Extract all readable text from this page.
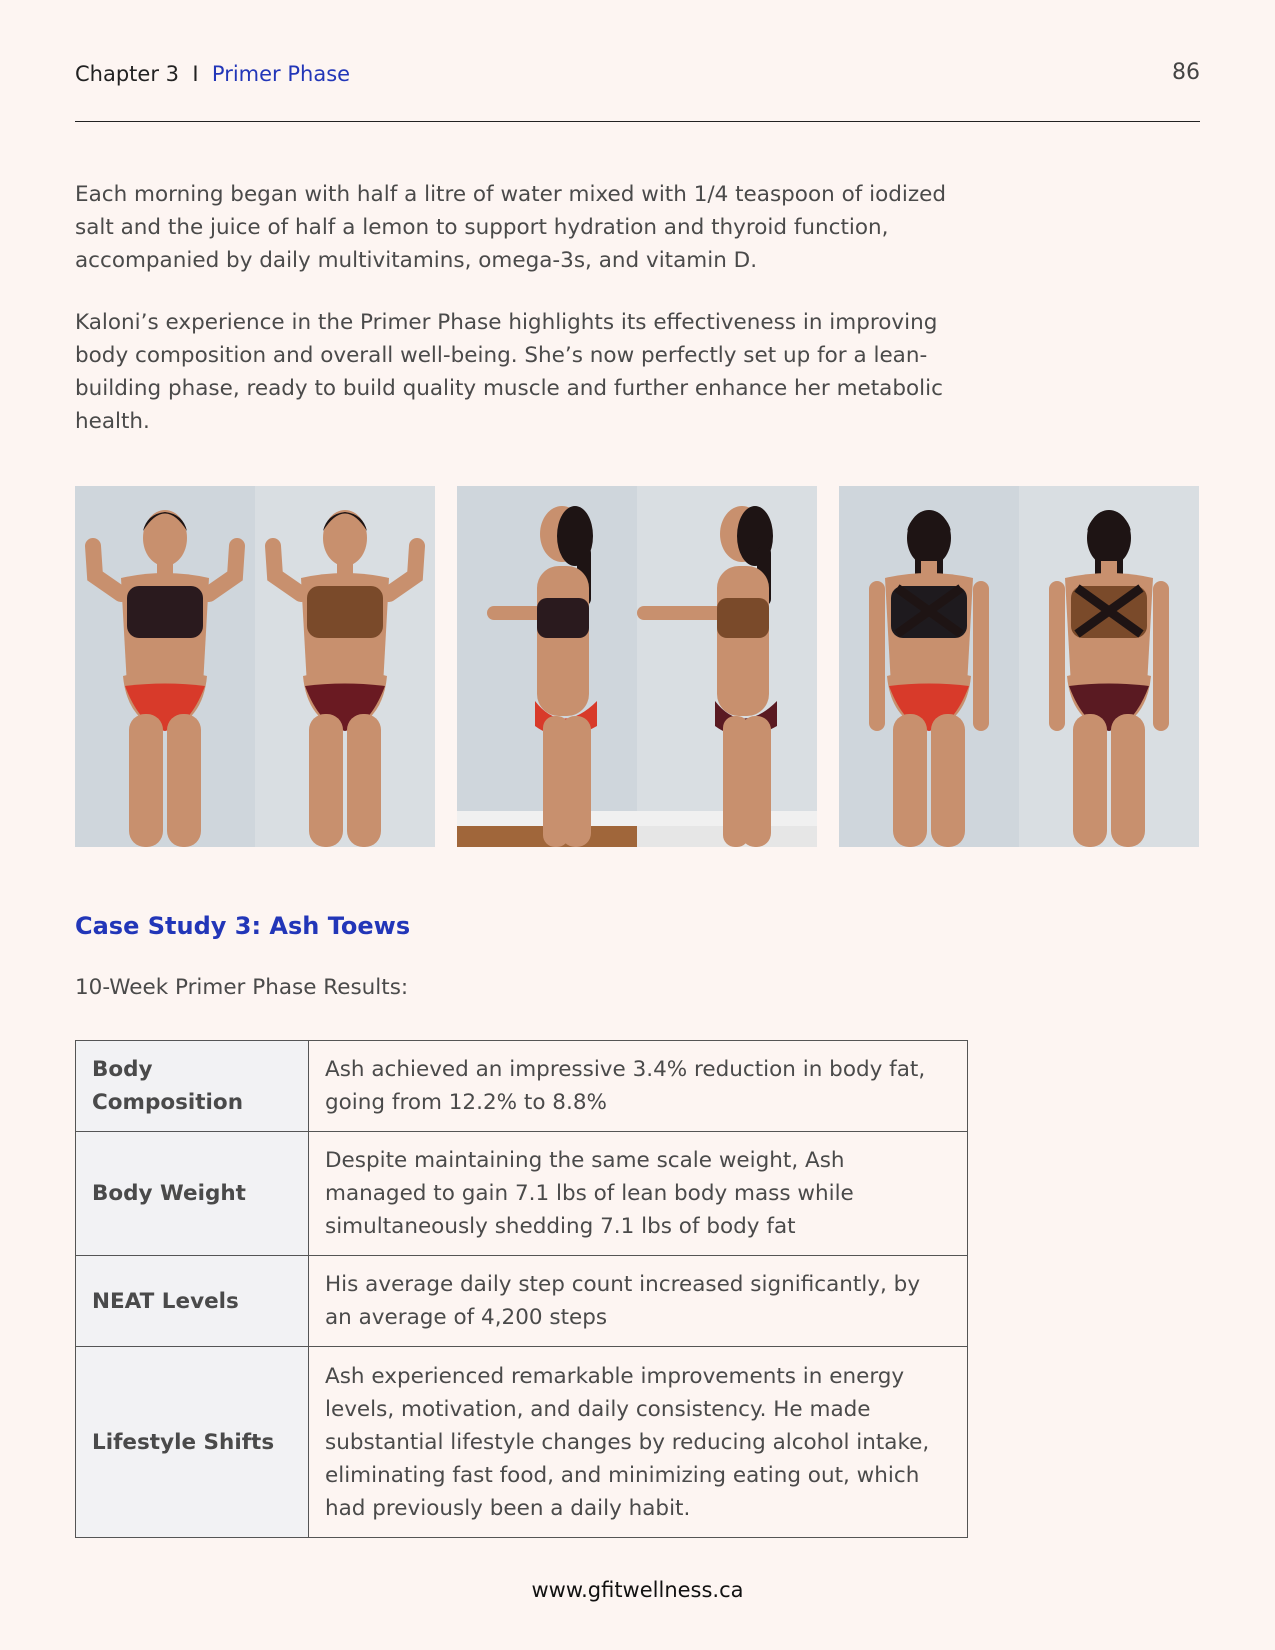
Chapter 3 I Primer Phase	86

Each morning began with half a litre of water mixed with 1/4 teaspoon of iodized salt and the juice of half a lemon to support hydration and thyroid function, accompanied by daily multivitamins, omega-3s, and vitamin D.

Kaloni’s experience in the Primer Phase highlights its effectiveness in improving body composition and overall well-being. She’s now perfectly set up for a lean-building phase, ready to build quality muscle and further enhance her metabolic health.

Case Study 3: Ash Toews

10-Week Primer Phase Results:

Body Composition	Ash achieved an impressive 3.4% reduction in body fat, going from 12.2% to 8.8%
Body Weight	Despite maintaining the same scale weight, Ash managed to gain 7.1 lbs of lean body mass while simultaneously shedding 7.1 lbs of body fat
NEAT Levels	His average daily step count increased significantly, by an average of 4,200 steps
Lifestyle Shifts	Ash experienced remarkable improvements in energy levels, motivation, and daily consistency. He made substantial lifestyle changes by reducing alcohol intake, eliminating fast food, and minimizing eating out, which had previously been a daily habit.
www.gfitwellness.ca
